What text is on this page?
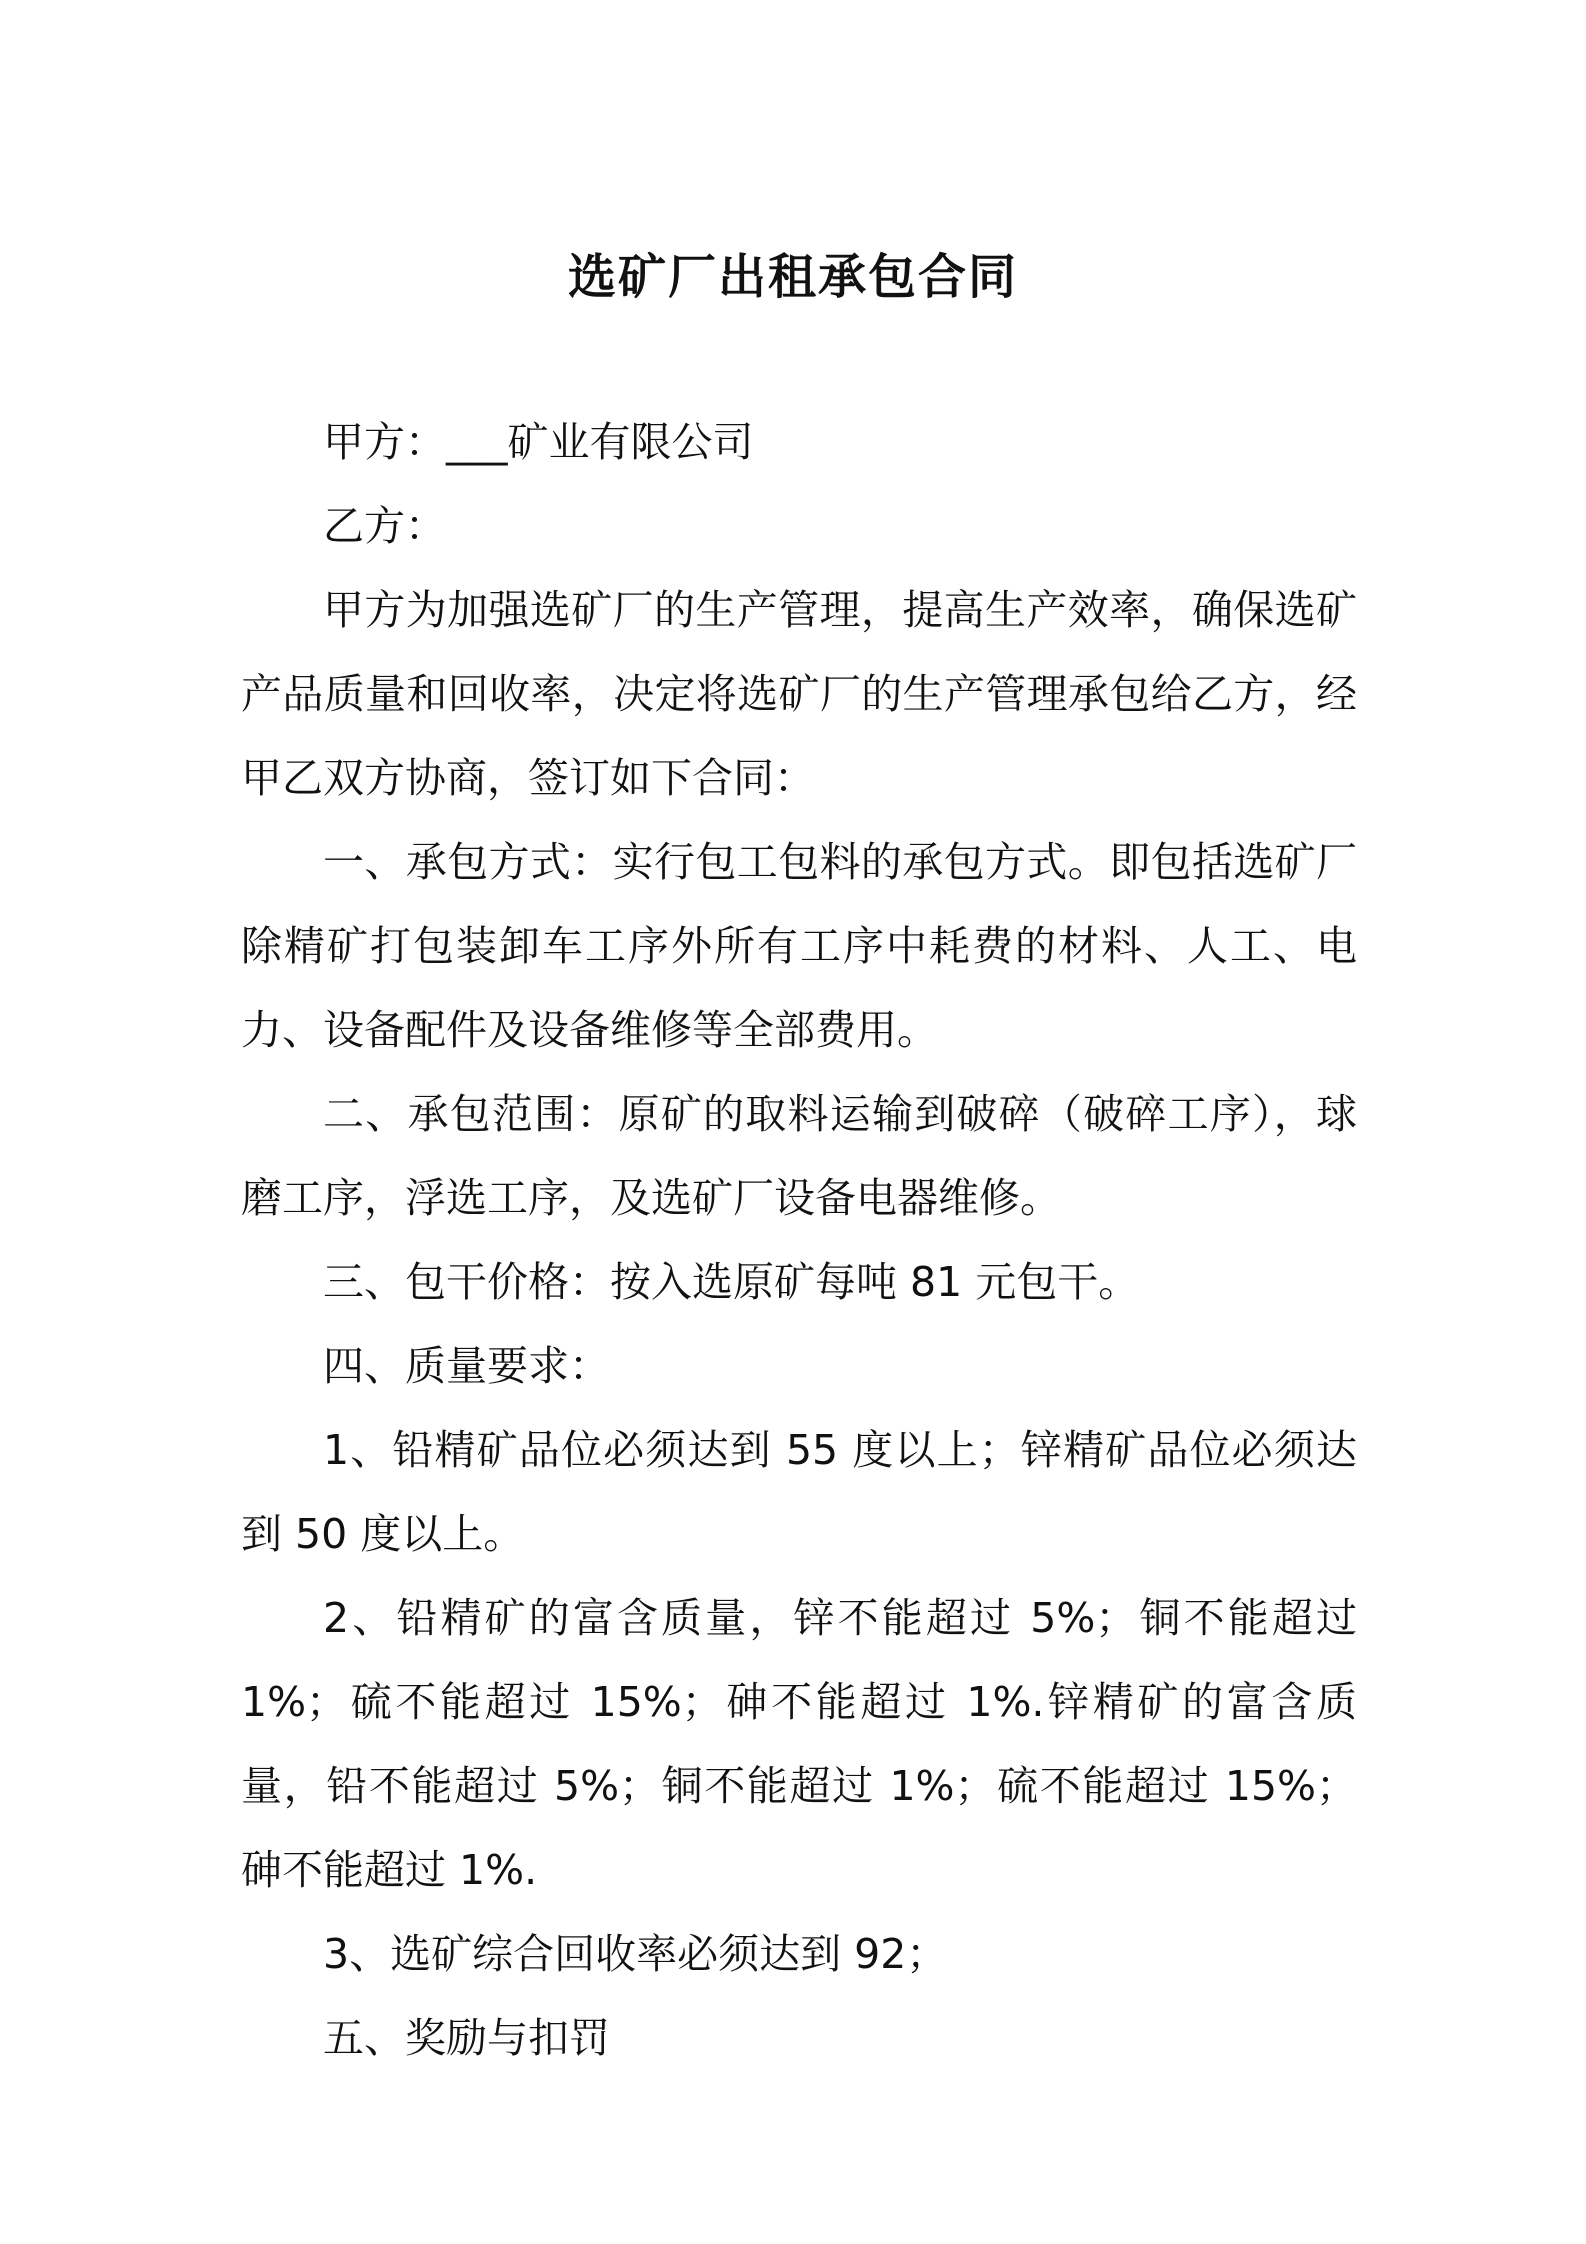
选矿厂出租承包合同

甲方：___矿业有限公司

乙方：

甲方为加强选矿厂的生产管理，提高生产效率，确保选矿产品质量和回收率，决定将选矿厂的生产管理承包给乙方，经甲乙双方协商，签订如下合同：

一、承包方式：实行包工包料的承包方式。即包括选矿厂除精矿打包装卸车工序外所有工序中耗费的材料、人工、电力、设备配件及设备维修等全部费用。

二、承包范围：原矿的取料运输到破碎（破碎工序），球磨工序，浮选工序，及选矿厂设备电器维修。

三、包干价格：按入选原矿每吨 81 元包干。

四、质量要求：

1、铅精矿品位必须达到 55 度以上；锌精矿品位必须达到 50 度以上。

2、铅精矿的富含质量，锌不能超过 5%；铜不能超过 1%；硫不能超过 15%；砷不能超过 1%.锌精矿的富含质量，铅不能超过 5%；铜不能超过 1%；硫不能超过 15%；砷不能超过 1%.

3、选矿综合回收率必须达到 92；

五、奖励与扣罚
